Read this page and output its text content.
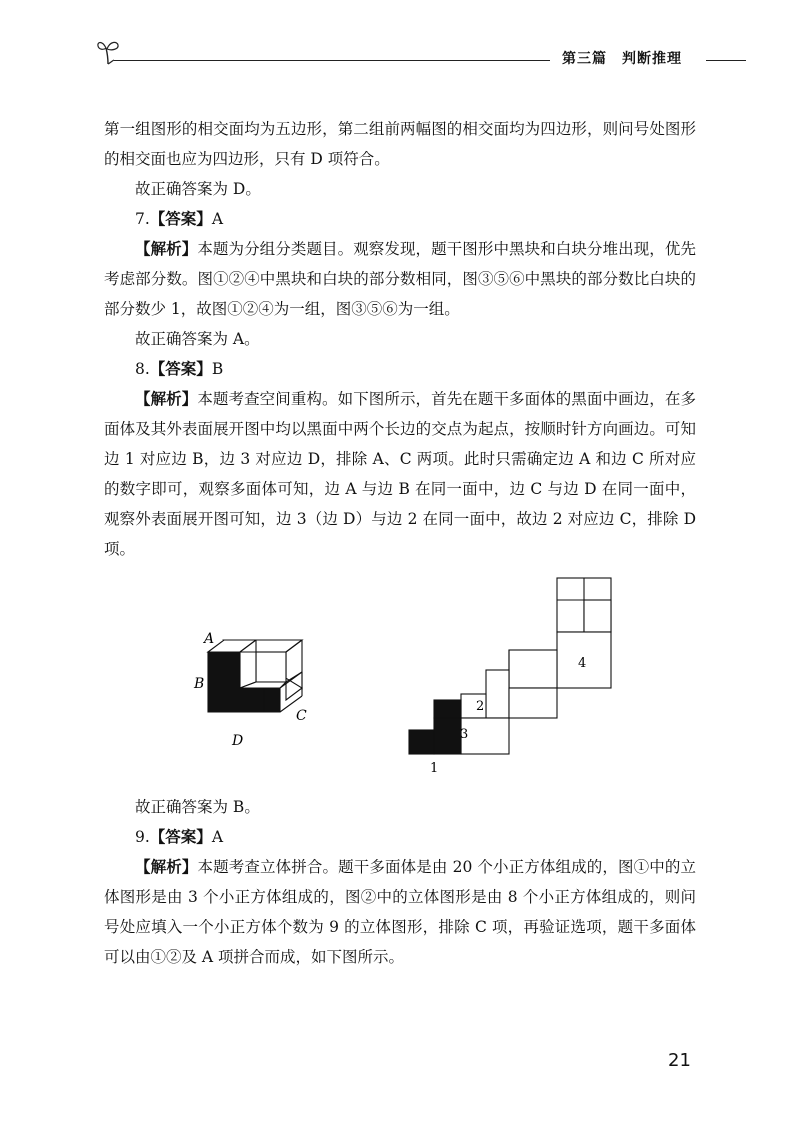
第三篇　判断推理

第一组图形的相交面均为五边形，第二组前两幅图的相交面均为四边形，则问号处图形的相交面也应为四边形，只有 D 项符合。

故正确答案为 D。

7.【答案】A

【解析】本题为分组分类题目。观察发现，题干图形中黑块和白块分堆出现，优先考虑部分数。图①②④中黑块和白块的部分数相同，图③⑤⑥中黑块的部分数比白块的部分数少 1，故图①②④为一组，图③⑤⑥为一组。

故正确答案为 A。

8.【答案】B

【解析】本题考查空间重构。如下图所示，首先在题干多面体的黑面中画边，在多面体及其外表面展开图中均以黑面中两个长边的交点为起点，按顺时针方向画边。可知边 1 对应边 B，边 3 对应边 D，排除 A、C 两项。此时只需确定边 A 和边 C 所对应的数字即可，观察多面体可知，边 A 与边 B 在同一面中，边 C 与边 D 在同一面中，观察外表面展开图可知，边 3（边 D）与边 2 在同一面中，故边 2 对应边 C，排除 D 项。

A
B
C
D
4
2
3
1

故正确答案为 B。

9.【答案】A

【解析】本题考查立体拼合。题干多面体是由 20 个小正方体组成的，图①中的立体图形是由 3 个小正方体组成的，图②中的立体图形是由 8 个小正方体组成的，则问号处应填入一个小正方体个数为 9 的立体图形，排除 C 项，再验证选项，题干多面体可以由①②及 A 项拼合而成，如下图所示。

21
